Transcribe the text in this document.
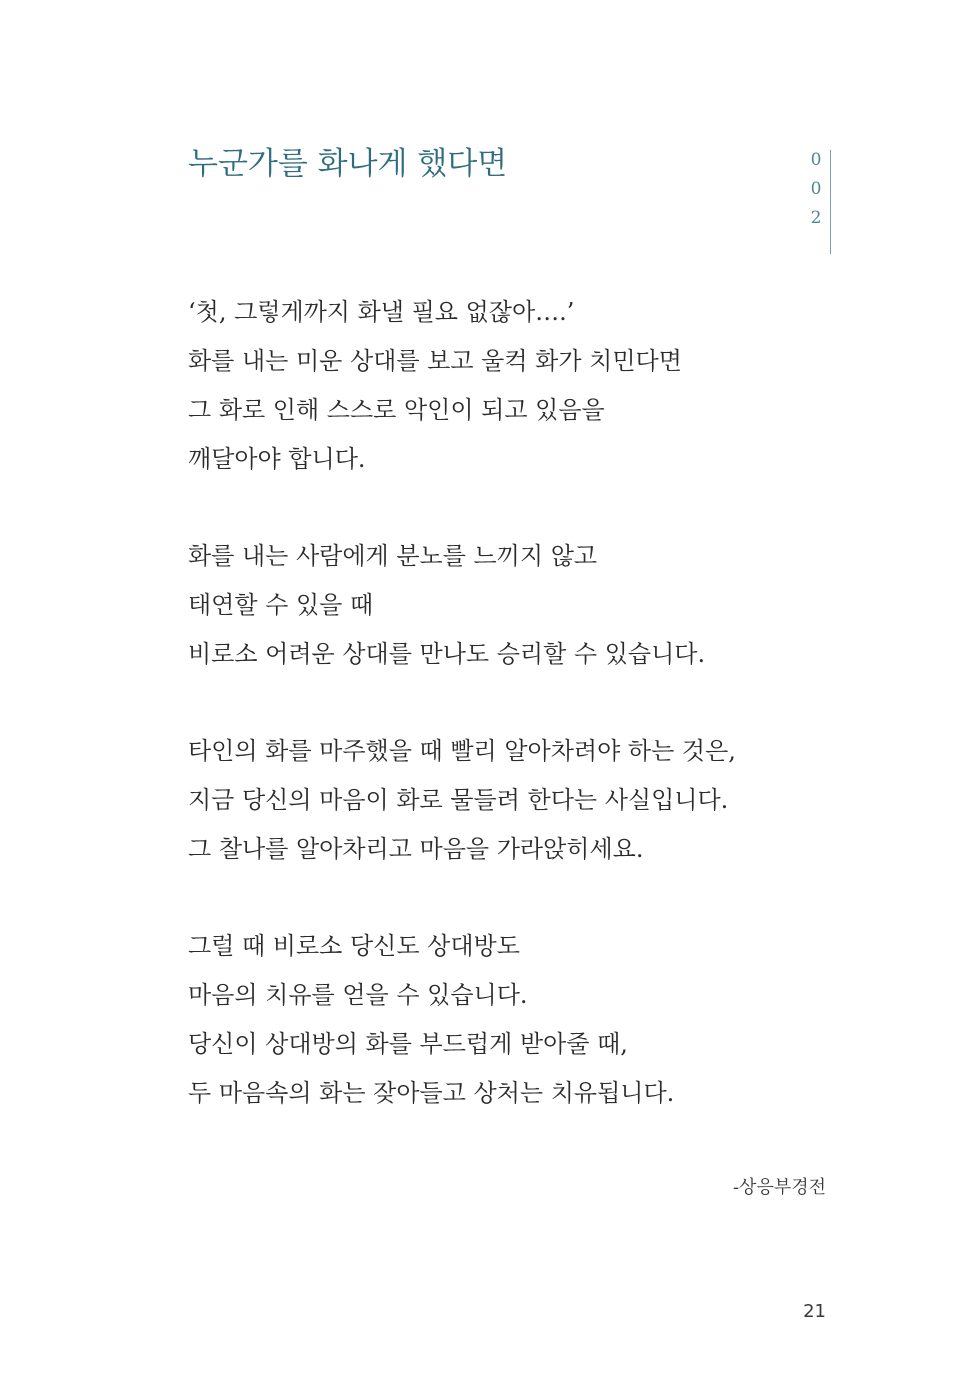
누군가를 화나게 했다면	0
0
2

‘첫, 그렇게까지 화낼 필요 없잖아….’
화를 내는 미운 상대를 보고 울컥 화가 치민다면
그 화로 인해 스스로 악인이 되고 있음을
깨달아야 합니다.

화를 내는 사람에게 분노를 느끼지 않고
태연할 수 있을 때
비로소 어려운 상대를 만나도 승리할 수 있습니다.

타인의 화를 마주했을 때 빨리 알아차려야 하는 것은,
지금 당신의 마음이 화로 물들려 한다는 사실입니다.
그 찰나를 알아차리고 마음을 가라앉히세요.

그럴 때 비로소 당신도 상대방도
마음의 치유를 얻을 수 있습니다.
당신이 상대방의 화를 부드럽게 받아줄 때,
두 마음속의 화는 잦아들고 상처는 치유됩니다.

-상응부경전
21
